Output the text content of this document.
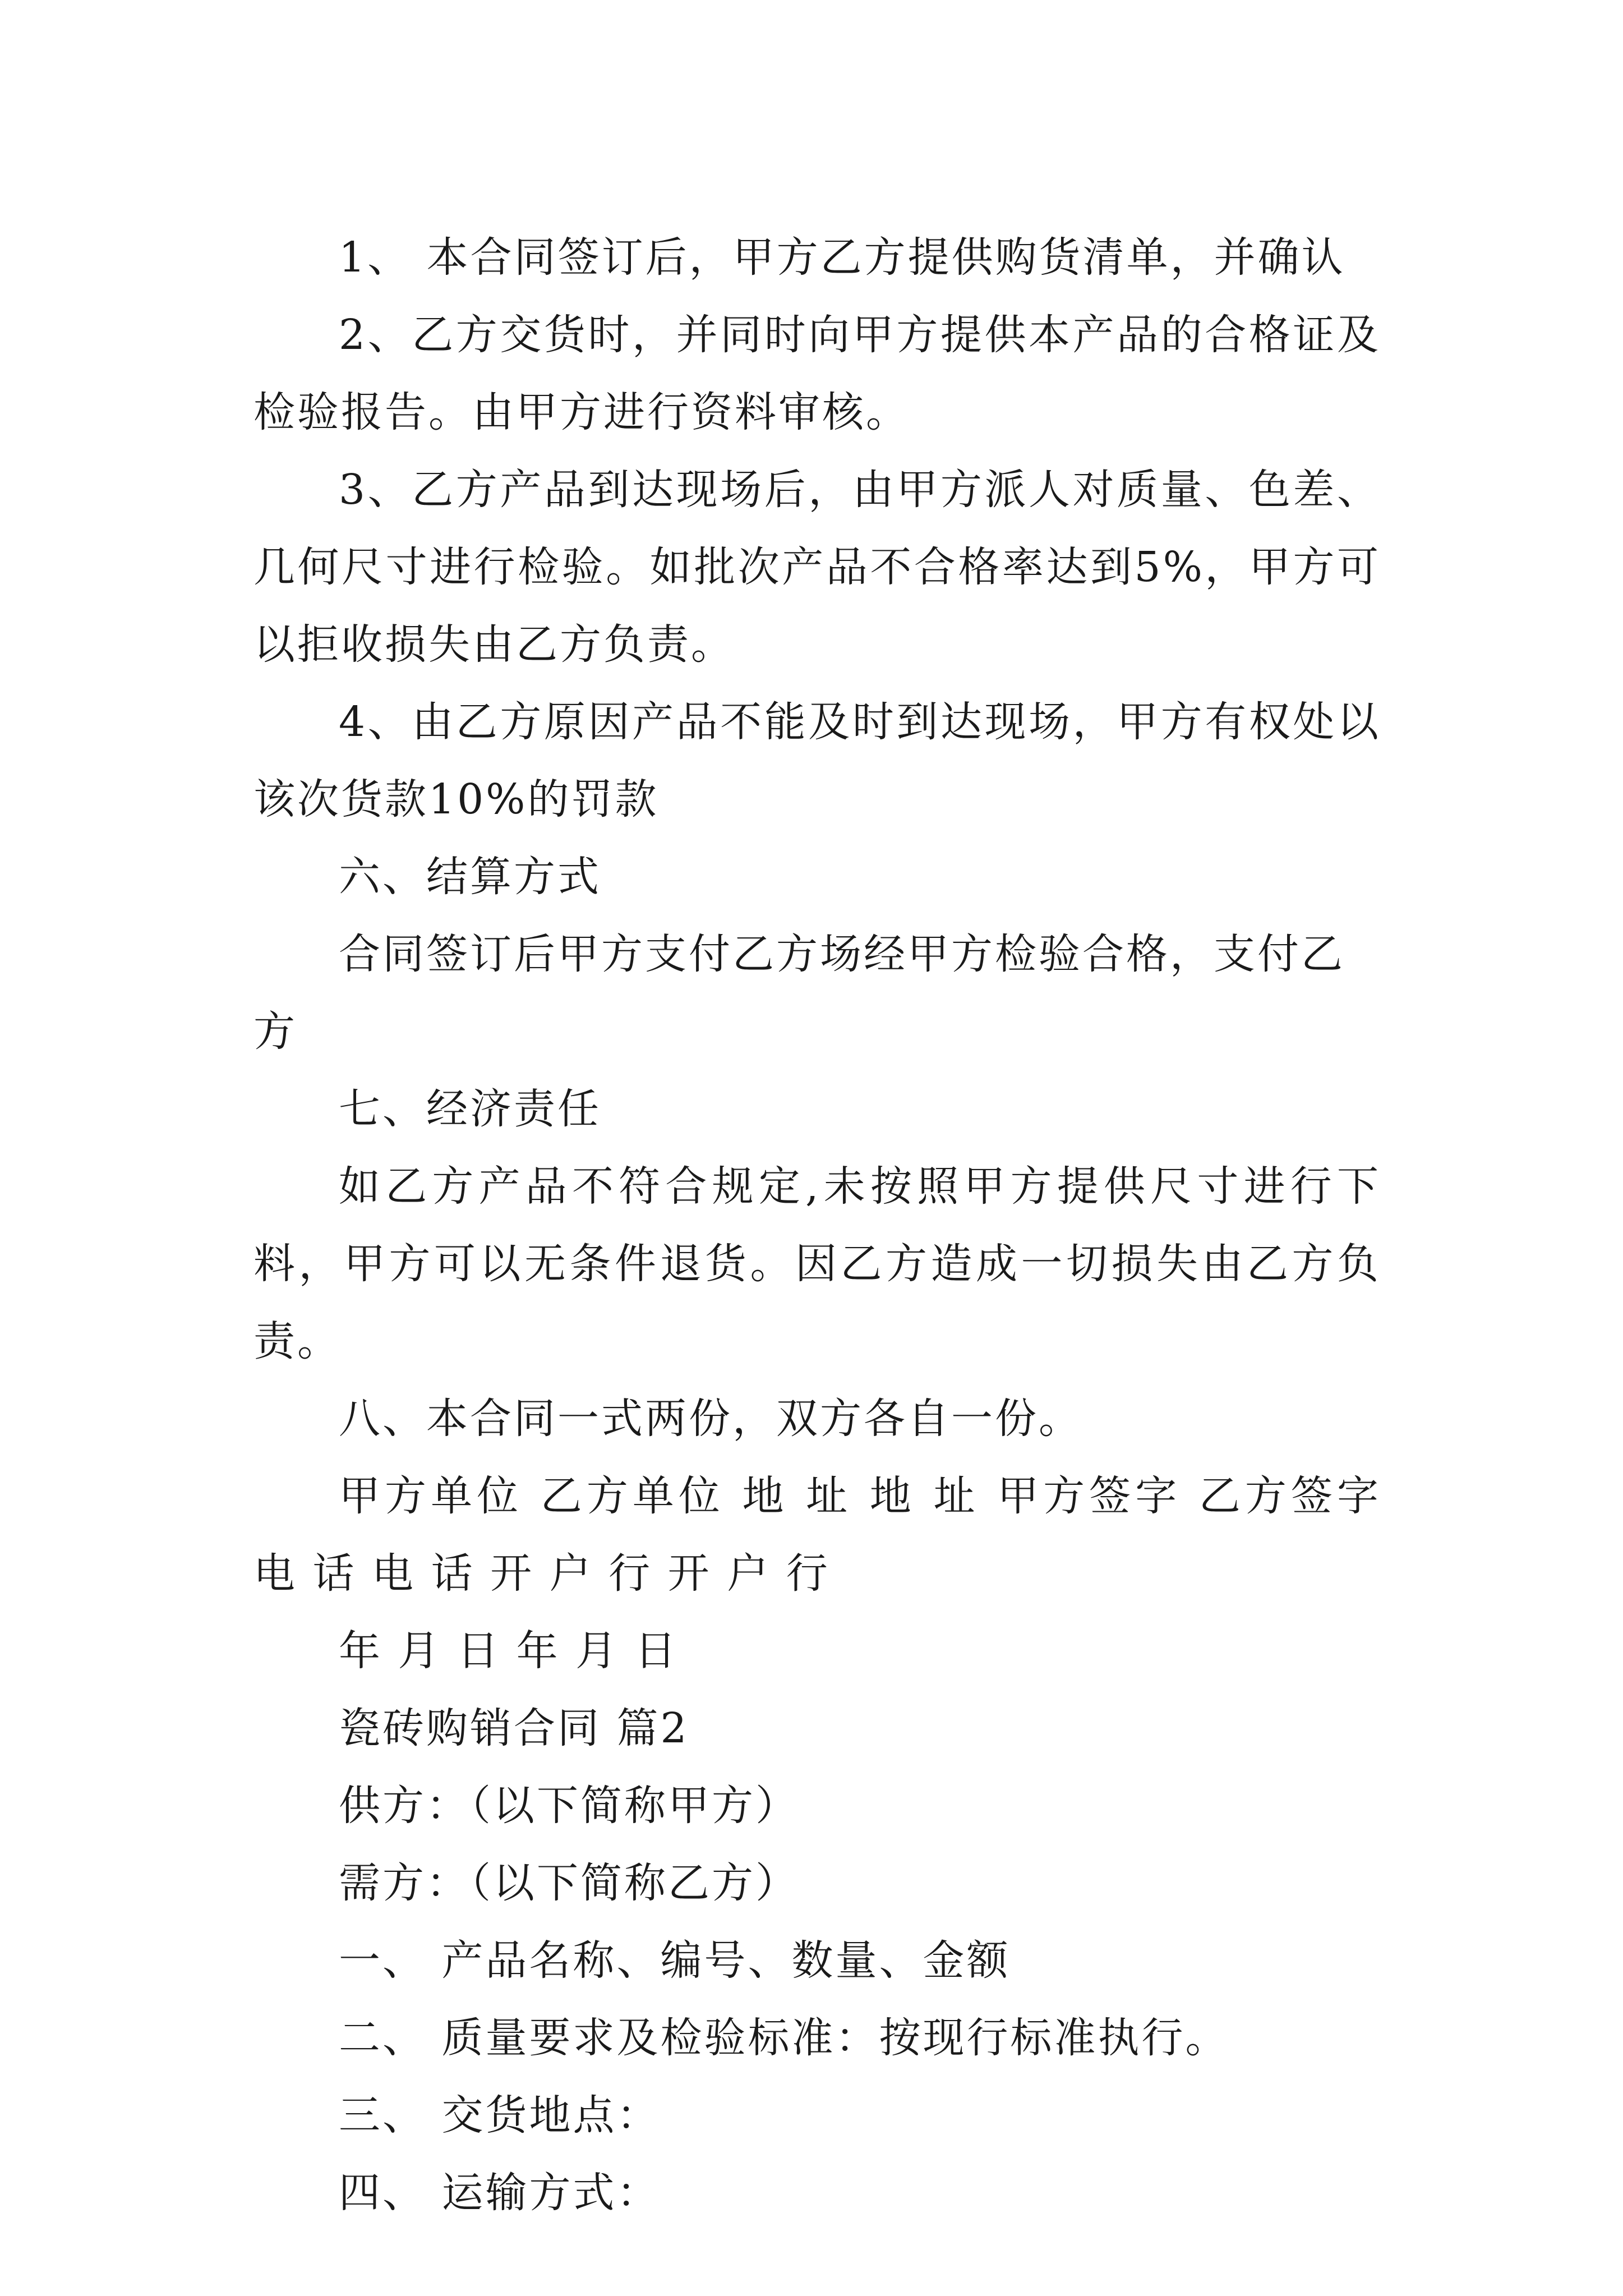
1、 本合同签订后，甲方乙方提供购货清单，并确认

2、乙方交货时，并同时向甲方提供本产品的合格证及检验报告。由甲方进行资料审核。

3、乙方产品到达现场后，由甲方派人对质量、色差、几何尺寸进行检验。如批次产品不合格率达到5%，甲方可以拒收损失由乙方负责。

4、由乙方原因产品不能及时到达现场，甲方有权处以该次货款10%的罚款

六、结算方式

合同签订后甲方支付乙方场经甲方检验合格，支付乙方

七、经济责任

如乙方产品不符合规定,未按照甲方提供尺寸进行下料，甲方可以无条件退货。因乙方造成一切损失由乙方负责。

八、本合同一式两份，双方各自一份。

甲方单位 乙方单位 地 址 地 址 甲方签字 乙方签字 电 话 电 话 开 户 行 开 户 行

年 月 日 年 月 日

瓷砖购销合同 篇2

供方：（以下简称甲方）

需方：（以下简称乙方）

一、 产品名称、编号、数量、金额

二、 质量要求及检验标准：按现行标准执行。

三、 交货地点：

四、 运输方式：
